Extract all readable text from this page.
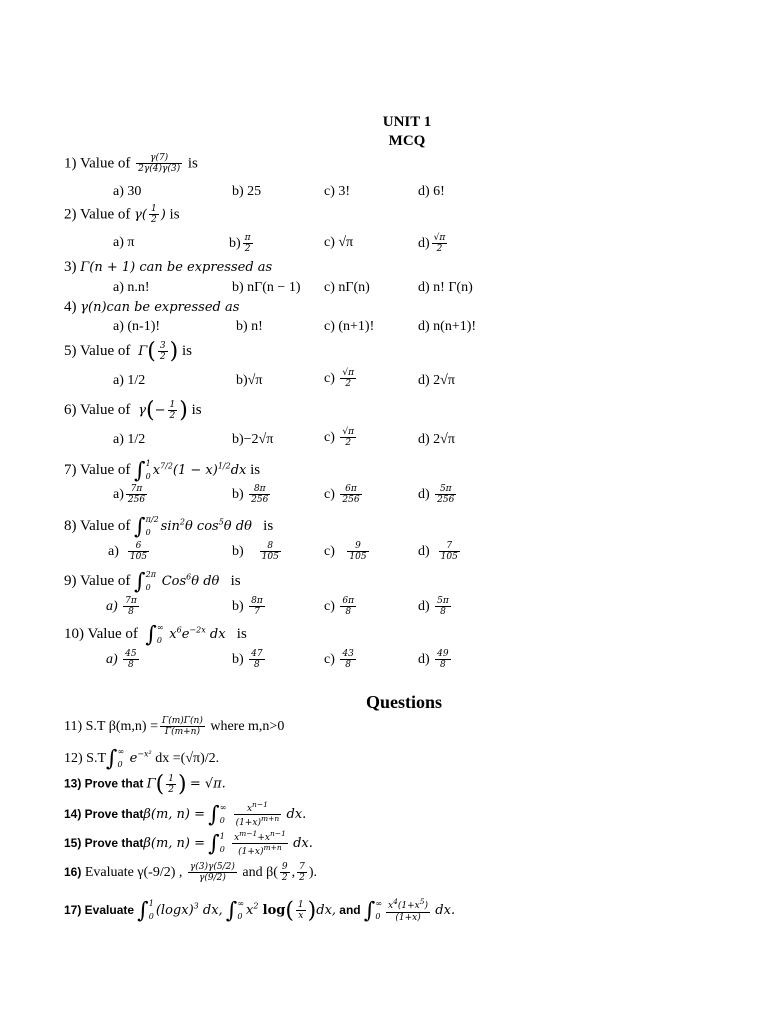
UNIT 1
MCQ
1) Value of $\frac{\gamma(7)}{2\gamma(4)\gamma(3)}$ is
a) 30	b) 25	c) 3!	d) 6!
2) Value of $\gamma( \frac{1}{2}$ ) is
a) π	$b) \frac{\pi}{2}$	c) √π	$d) \frac{√\pi}{2}$
3) Γ(n + 1) can be expressed as
a) n.n!	b) nΓ(n − 1) c) nΓ(n)	d) n! Γ(n)
4) γ(n)can be expressed as
a) (n-1)!	b) n!	c) (n+1)!	d) n(n+1)!
5) Value of  $\Gamma( \frac{3}{2}$ ) is
a) 1/2	b)√π	$c) \frac{√\pi}{2}$	d) 2√π
6) Value of  $\gamma(- \frac{1}{2}$ ) is
a) 1/2	b)−2√π	$c) \frac{√\pi}{2}$	d) 2√π
7) Value of ∫ 1
0 $x^{7/2}(1 - x)^{1/2}dx$ is
$a) \frac{7\pi}{256}$	$b) \frac{8\pi}{256}$	$c) \frac{6\pi}{256}$	$d) \frac{5\pi}{256}$
8) Value of ∫ π/2
0 $\sin^2\theta$ $\cos^5\theta$ dθ is
$a) \frac{6}{105}$	$b) \frac{8}{105}$	$c) \frac{9}{105}$	$d) \frac{7}{105}$
9) Value of ∫ 2π
0 Cos$^6$θ dθ is
$a) \frac{7\pi}{8}$	$b) \frac{8\pi}{7}$	$c) \frac{6\pi}{8}$	$d) \frac{5\pi}{8}$
10) Value of ∫ ∞
0 $x^6e^{-2x}$ dx is
$a) \frac{45}{8}$	$b) \frac{47}{8}$	$c) \frac{43}{8}$	$d) \frac{49}{8}$
Questions
11) S.T $\beta(m,n) = \frac{\Gamma(m)\Gamma(n)}{\Gamma(m+n)}$ where m,n>0
12) S.T∫ ∞
0 $e^{-x^2}$ dx =(√π)/2.
13) Prove that $\Gamma( \frac{1}{2}$ ) = √π.
14) Prove thatβ(m, n) = ∫ ∞
0
$\frac{x^{n-1}}{(1+x)^{m+n}}$ dx.
15) Prove thatβ(m, n) = ∫ 1
0
$\frac{x^{m-1}+x^{n-1}}{(1+x)^{m+n}}$ dx.
16) Evaluate γ(-9/2) , $\frac{\gamma(3)\gamma(5/2)}{\gamma(9/2)}$ and $\beta( \frac{9}{2}$ , $\frac{7}{2}$ ).
17) Evaluate ∫ 1
0 $(\log x)^3$ dx, ∫ ∞
0 $x^2$ $\log( \frac{1}{x} )dx$, and ∫ ∞
$0 \frac{x^4(1+x^5)}{(1+x)}$ dx.
